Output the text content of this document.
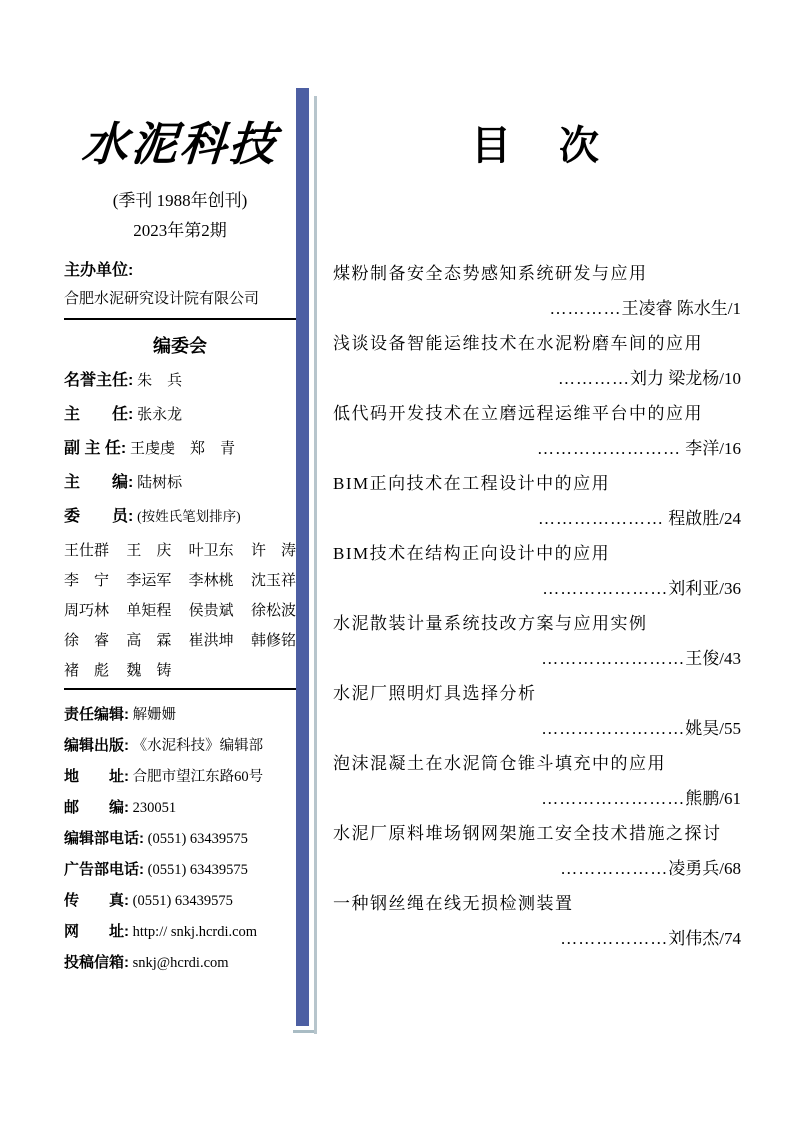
水泥科技
(季刊 1988年创刊)
2023年第2期
主办单位:
合肥水泥研究设计院有限公司
编委会
名誉主任: 朱　兵
主　　任: 张永龙
副 主 任: 王虔虔　郑　青
主　　编: 陆树标
委　　员: (按姓氏笔划排序)
王仕群 王　庆 叶卫东 许　涛
李　宁 李运军 李林桃 沈玉祥
周巧林 单矩程 侯贵斌 徐松波
徐　睿 高　霖 崔洪坤 韩修铭
褚　彪 魏　铸
责任编辑: 解姗姗
编辑出版: 《水泥科技》编辑部
地　　址: 合肥市望江东路60号
邮　　编: 230051
编辑部电话: (0551) 63439575
广告部电话: (0551) 63439575
传　　真: (0551) 63439575
网　　址: http:// snkj.hcrdi.com
投稿信箱: snkj@hcrdi.com
目　次
煤粉制备安全态势感知系统研发与应用
…………王凌睿 陈水生/1
浅谈设备智能运维技术在水泥粉磨车间的应用
…………刘力 梁龙杨/10
低代码开发技术在立磨远程运维平台中的应用
…………………… 李洋/16
BIM正向技术在工程设计中的应用
………………… 程啟胜/24
BIM技术在结构正向设计中的应用
…………………刘利亚/36
水泥散装计量系统技改方案与应用实例
……………………王俊/43
水泥厂照明灯具选择分析
……………………姚昊/55
泡沫混凝土在水泥筒仓锥斗填充中的应用
……………………熊鹏/61
水泥厂原料堆场钢网架施工安全技术措施之探讨
………………凌勇兵/68
一种钢丝绳在线无损检测装置
………………刘伟杰/74
